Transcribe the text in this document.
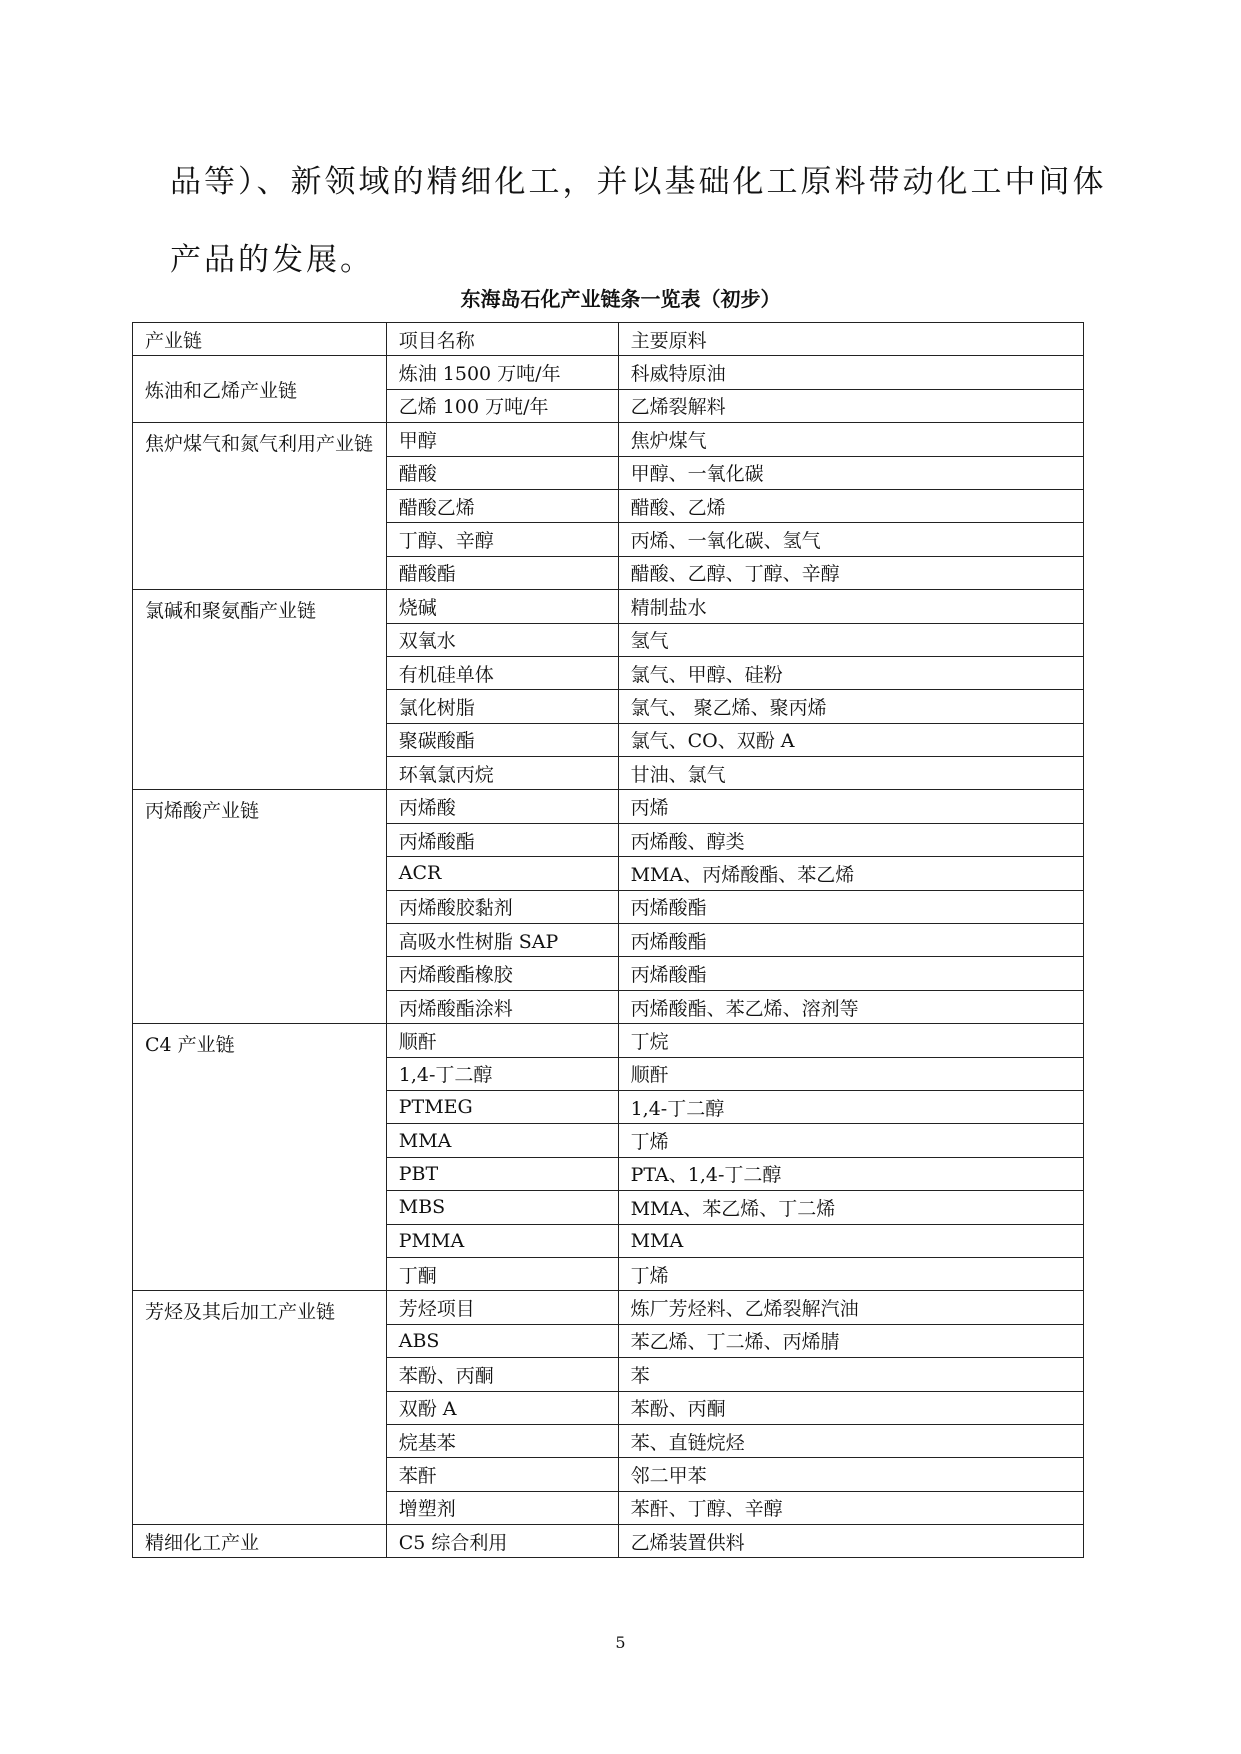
品等）、新领域的精细化工，并以基础化工原料带动化工中间体

产品的发展。

东海岛石化产业链条一览表（初步）
产业链	项目名称	主要原料
炼油和乙烯产业链	炼油 1500 万吨/年	科威特原油
	乙烯 100 万吨/年	乙烯裂解料
焦炉煤气和氮气利用产业链	甲醇	焦炉煤气
	醋酸	甲醇、一氧化碳
	醋酸乙烯	醋酸、乙烯
	丁醇、辛醇	丙烯、一氧化碳、氢气
	醋酸酯	醋酸、乙醇、丁醇、辛醇
氯碱和聚氨酯产业链	烧碱	精制盐水
	双氧水	氢气
	有机硅单体	氯气、甲醇、硅粉
	氯化树脂	氯气、 聚乙烯、聚丙烯
	聚碳酸酯	氯气、CO、双酚 A
	环氧氯丙烷	甘油、氯气
丙烯酸产业链	丙烯酸	丙烯
	丙烯酸酯	丙烯酸、醇类
	ACR	MMA、丙烯酸酯、苯乙烯
	丙烯酸胶黏剂	丙烯酸酯
	高吸水性树脂 SAP	丙烯酸酯
	丙烯酸酯橡胶	丙烯酸酯
	丙烯酸酯涂料	丙烯酸酯、苯乙烯、溶剂等
C4 产业链	顺酐	丁烷
	1,4-丁二醇	顺酐
	PTMEG	1,4-丁二醇
	MMA	丁烯
	PBT	PTA、1,4-丁二醇
	MBS	MMA、苯乙烯、丁二烯
	PMMA	MMA
	丁酮	丁烯
芳烃及其后加工产业链	芳烃项目	炼厂芳烃料、乙烯裂解汽油
	ABS	苯乙烯、丁二烯、丙烯腈
	苯酚、丙酮	苯
	双酚 A	苯酚、丙酮
	烷基苯	苯、直链烷烃
	苯酐	邻二甲苯
	增塑剂	苯酐、丁醇、辛醇
精细化工产业	C5 综合利用	乙烯装置供料
5
